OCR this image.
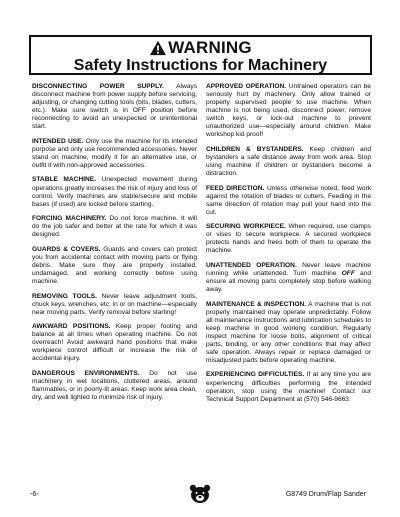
WARNING
Safety Instructions for Machinery

DISCONNECTING POWER SUPPLY. Always disconnect machine from power supply before servicing, adjusting, or changing cutting tools (bits, blades, cutters, etc.). Make sure switch is in OFF position before reconnecting to avoid an unexpected or unintentional start.

INTENDED USE. Only use the machine for its intended purpose and only use recommended accessories. Never stand on machine, modify it for an alternative use, or outfit it with non-approved accessories.

STABLE MACHINE. Unexpected movement during operations greatly increases the risk of injury and loss of control. Verify machines are stable/secure and mobile bases (if used) are locked before starting.

FORCING MACHINERY. Do not force machine. It will do the job safer and better at the rate for which it was designed.

GUARDS & COVERS. Guards and covers can protect you from accidental contact with moving parts or flying debris. Make sure they are properly installed, undamaged, and working correctly before using machine.

REMOVING TOOLS. Never leave adjustment tools, chuck keys, wrenches, etc. in or on machine—especially near moving parts. Verify removal before starting!

AWKWARD POSITIONS. Keep proper footing and balance at all times when operating machine. Do not overreach! Avoid awkward hand positions that make workpiece control difficult or increase the risk of accidental injury.

DANGEROUS ENVIRONMENTS. Do not use machinery in wet locations, cluttered areas, around flammables, or in poorly-lit areas. Keep work area clean, dry, and well lighted to minimize risk of injury.

APPROVED OPERATION. Untrained operators can be seriously hurt by machinery. Only allow trained or properly supervised people to use machine. When machine is not being used, disconnect power, remove switch keys, or lock-out machine to prevent unauthorized use—especially around children. Make workshop kid proof!

CHILDREN & BYSTANDERS. Keep children and bystanders a safe distance away from work area. Stop using machine if children or bystanders become a distraction.

FEED DIRECTION. Unless otherwise noted, feed work against the rotation of blades or cutters. Feeding in the same direction of rotation may pull your hand into the cut.

SECURING WORKPIECE. When required, use clamps or vises to secure workpiece. A secured workpiece protects hands and frees both of them to operate the machine.

UNATTENDED OPERATION. Never leave machine running while unattended. Turn machine OFF and ensure all moving parts completely stop before walking away.

MAINTENANCE & INSPECTION. A machine that is not properly maintained may operate unpredictably. Follow all maintenance instructions and lubrication schedules to keep machine in good working condition. Regularly inspect machine for loose bolts, alignment of critical parts, binding, or any other conditions that may affect safe operation. Always repair or replace damaged or misadjusted parts before operating machine.

EXPERIENCING DIFFICULTIES. If at any time you are experiencing difficulties performing the intended operation, stop using the machine! Contact our Technical Support Department at (570) 546-9663.

-6-	G8749 Drum/Flap Sander
